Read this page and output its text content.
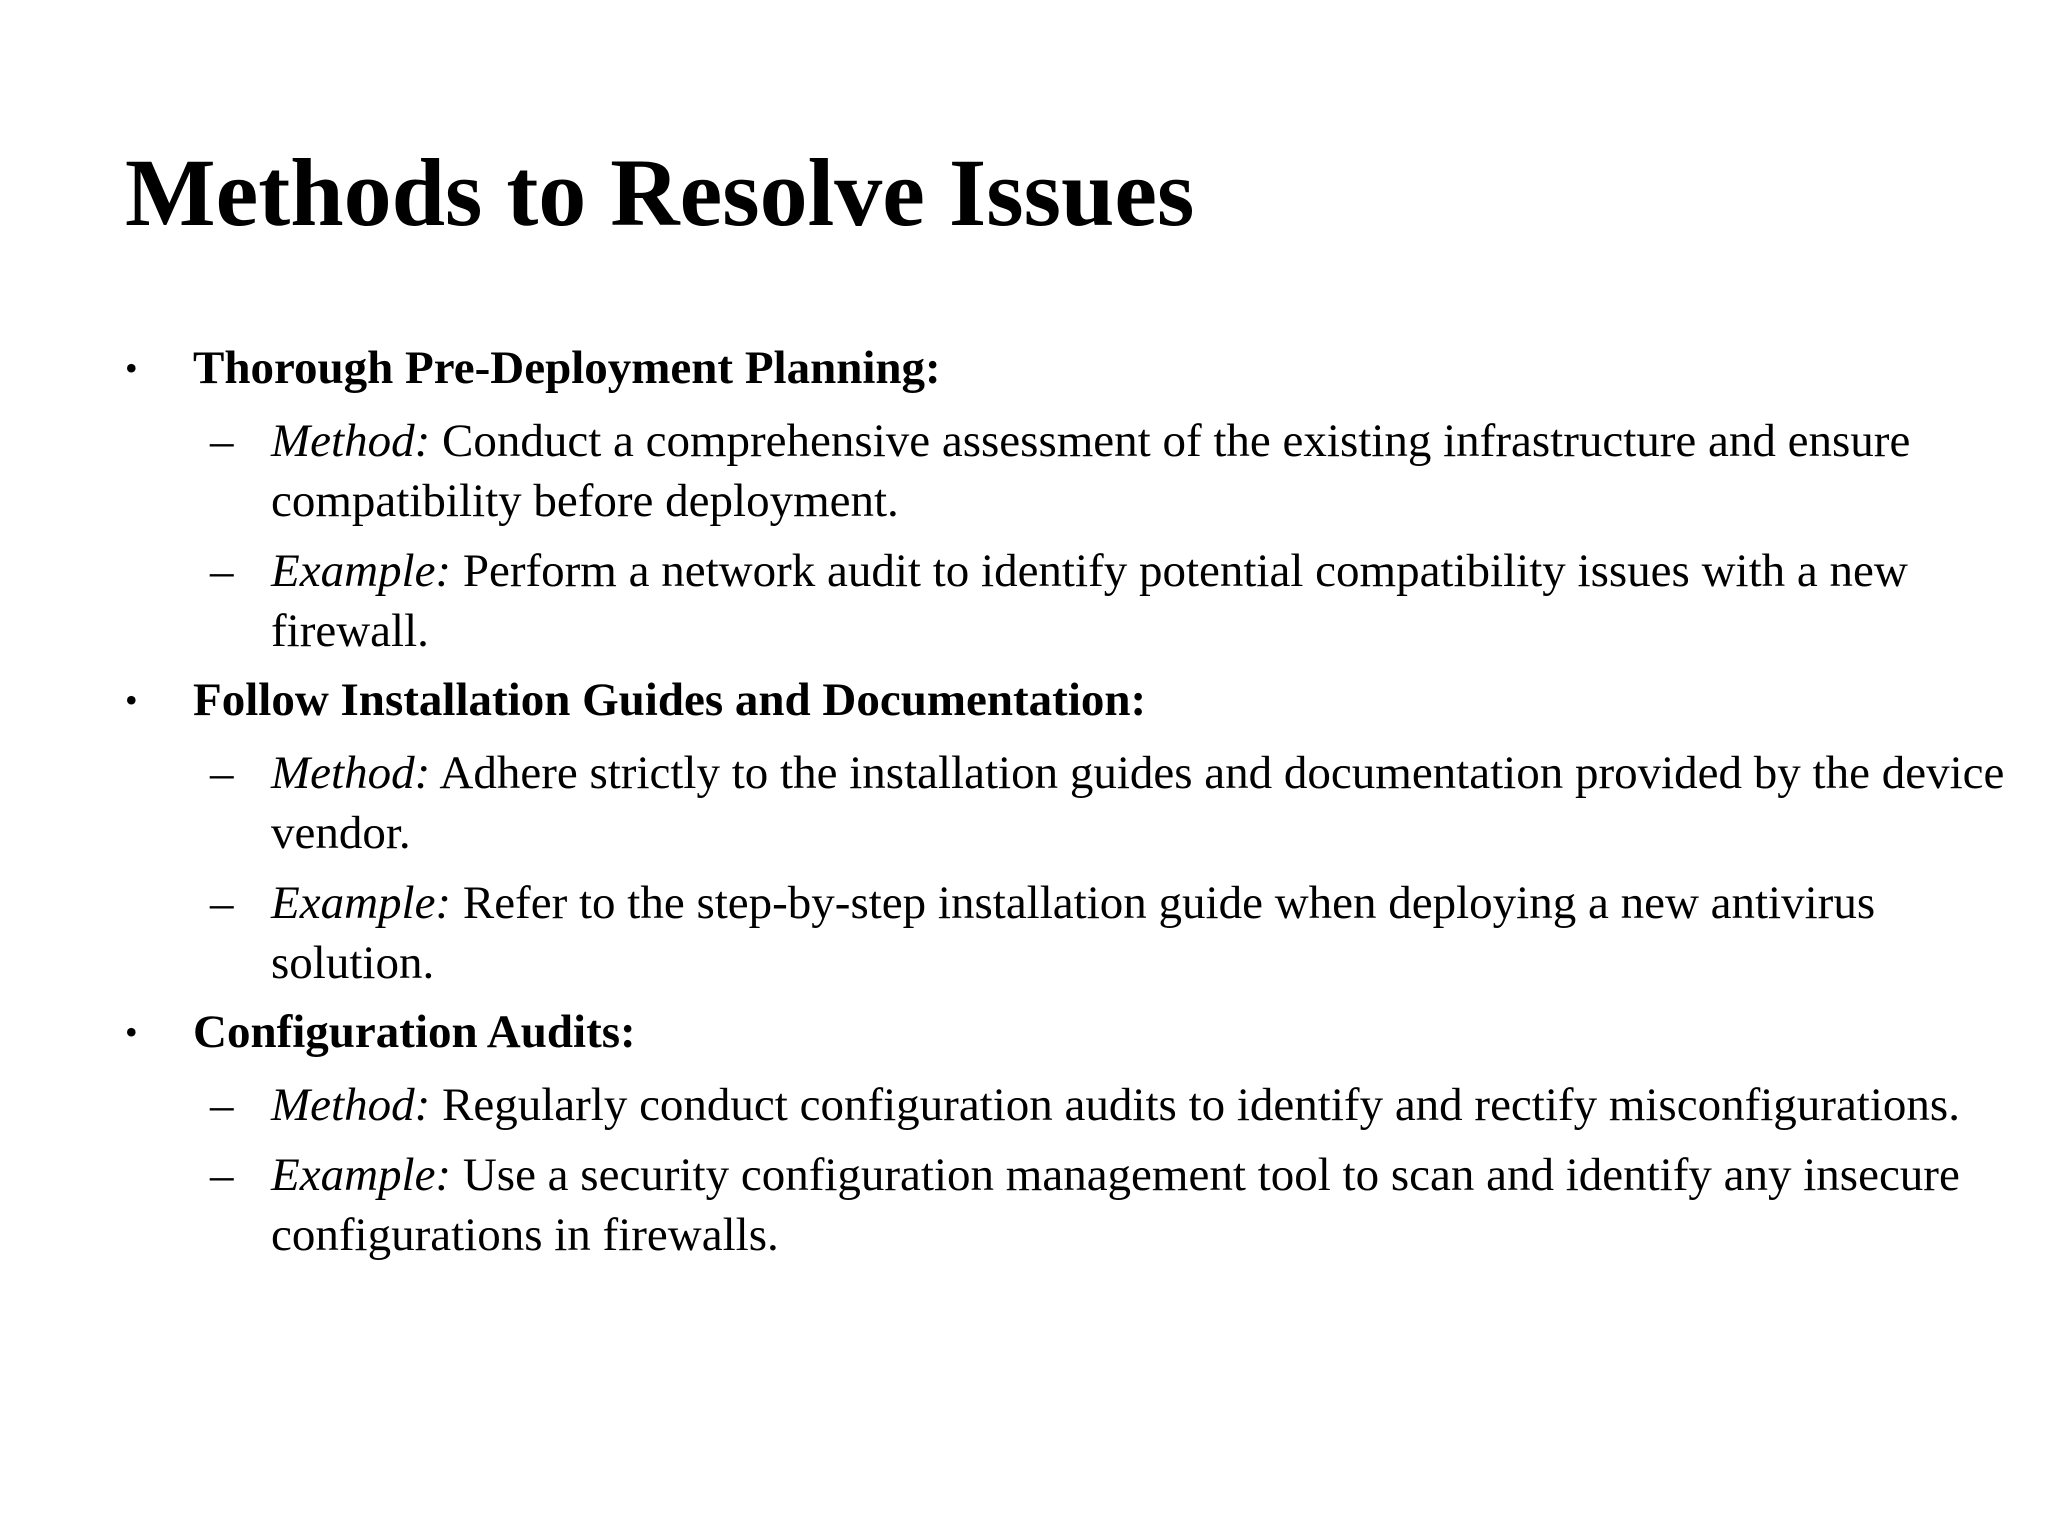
Methods to Resolve Issues
• Thorough Pre-Deployment Planning:
– Method: Conduct a comprehensive assessment of the existing infrastructure and ensure compatibility before deployment.
– Example: Perform a network audit to identify potential compatibility issues with a new firewall.
• Follow Installation Guides and Documentation:
– Method: Adhere strictly to the installation guides and documentation provided by the device vendor.
– Example: Refer to the step-by-step installation guide when deploying a new antivirus solution.
• Configuration Audits:
– Method: Regularly conduct configuration audits to identify and rectify misconfigurations.
– Example: Use a security configuration management tool to scan and identify any insecure configurations in firewalls.
